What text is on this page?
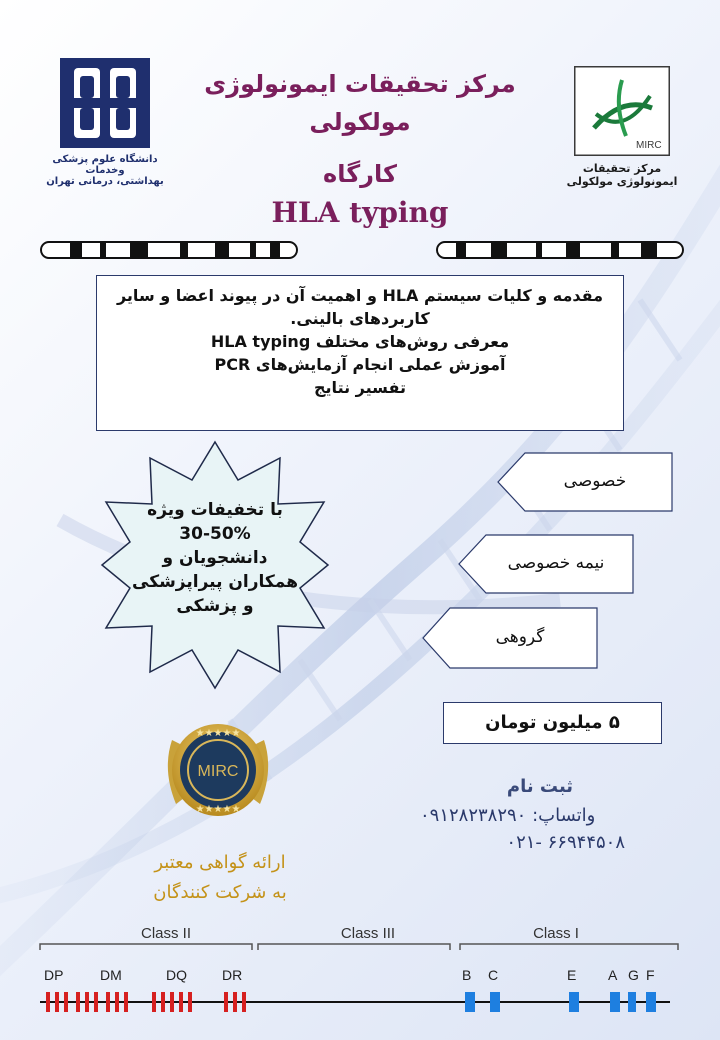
دانشگاه علوم پزشکی وخدمات
بهداشتی، درمانی تهران
مرکز تحقیقات ایمونولوژی
مولکولی
کارگاه
HLA typing
MIRC
مرکز تحقیقات
ایمونولوژی مولکولی
مقدمه و کلیات سیستم HLA و اهمیت آن در پیوند اعضا و سایر
کاربردهای بالینی.
معرفی روش‌های مختلف HLA typing
آموزش عملی انجام آزمایش‌های PCR
تفسیر نتایج
با تخفیفات ویژه
30-50%
دانشجویان و
همکاران پیراپزشکی
و پزشکی
خصوصی
نیمه خصوصی
گروهی
۵ میلیون تومان
MIRC
★★★★★
★★★★★
ارائه گواهی معتبر
به شرکت کنندگان
ثبت نام
واتساپ: ۰۹۱۲۸۲۳۸۲۹۰
۰۲۱- ۶۶۹۴۴۵۰۸
Class II	Class III	Class I
DP	DM	DQ	DR	B C	E A G F
